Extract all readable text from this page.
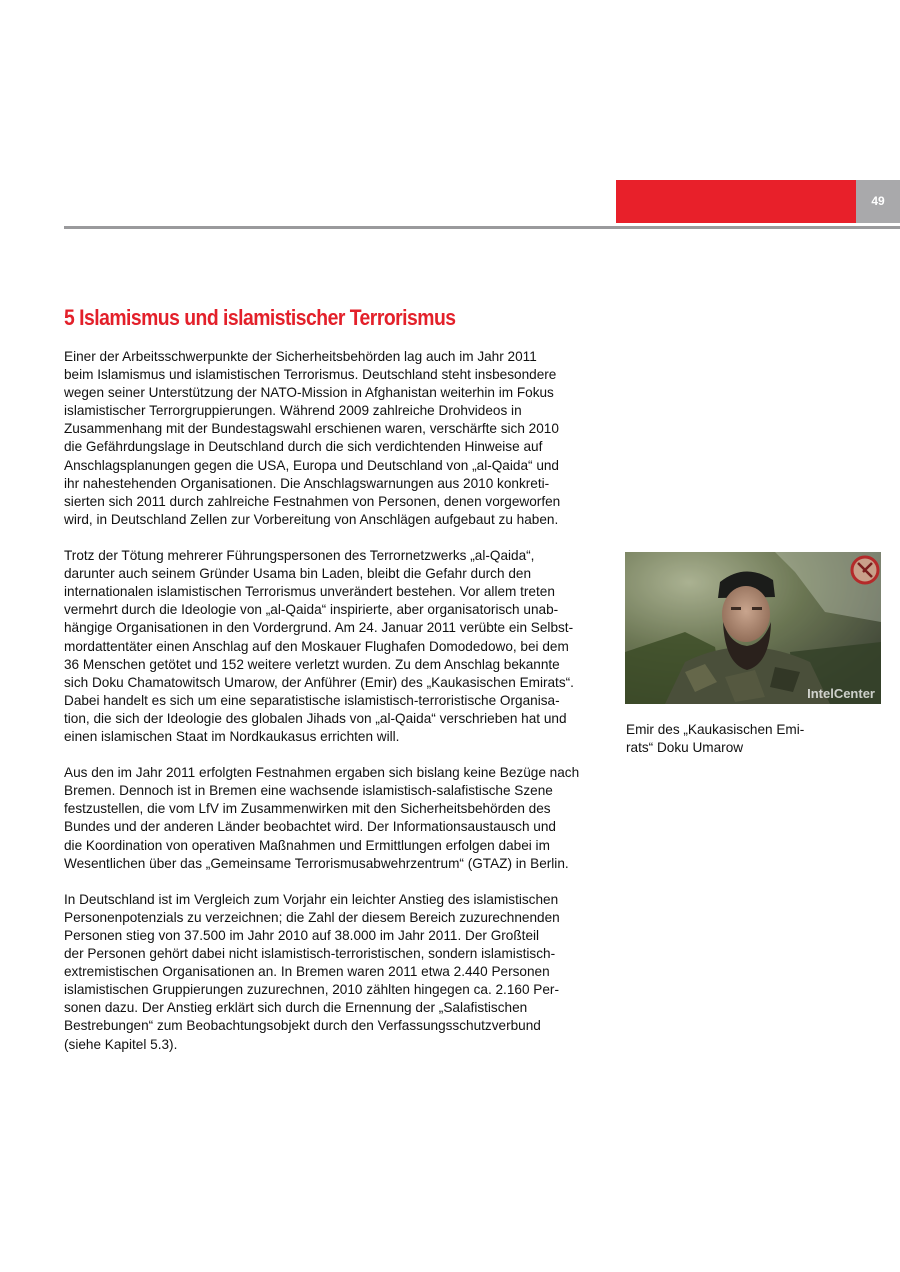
49
5 Islamismus und islamistischer Terrorismus

Einer der Arbeitsschwerpunkte der Sicherheitsbehörden lag auch im Jahr 2011
beim Islamismus und islamistischen Terrorismus. Deutschland steht insbesondere
wegen seiner Unterstützung der NATO-Mission in Afghanistan weiterhin im Fokus
islamistischer Terrorgruppierungen. Während 2009 zahlreiche Drohvideos in
Zusammenhang mit der Bundestagswahl erschienen waren, verschärfte sich 2010
die Gefährdungslage in Deutschland durch die sich verdichtenden Hinweise auf
Anschlagsplanungen gegen die USA, Europa und Deutschland von „al-Qaida“ und
ihr nahestehenden Organisationen. Die Anschlagswarnungen aus 2010 konkreti-
sierten sich 2011 durch zahlreiche Festnahmen von Personen, denen vorgeworfen
wird, in Deutschland Zellen zur Vorbereitung von Anschlägen aufgebaut zu haben.

Trotz der Tötung mehrerer Führungspersonen des Terrornetzwerks „al-Qaida“,
darunter auch seinem Gründer Usama bin Laden, bleibt die Gefahr durch den
internationalen islamistischen Terrorismus unverändert bestehen. Vor allem treten
vermehrt durch die Ideologie von „al-Qaida“ inspirierte, aber organisatorisch unab-
hängige Organisationen in den Vordergrund. Am 24. Januar 2011 verübte ein Selbst-
mordattentäter einen Anschlag auf den Moskauer Flughafen Domodedowo, bei dem
36 Menschen getötet und 152 weitere verletzt wurden. Zu dem Anschlag bekannte
sich Doku Chamatowitsch Umarow, der Anführer (Emir) des „Kaukasischen Emirats“.
Dabei handelt es sich um eine separatistische islamistisch-terroristische Organisa-
tion, die sich der Ideologie des globalen Jihads von „al-Qaida“ verschrieben hat und
einen islamischen Staat im Nordkaukasus errichten will.

Aus den im Jahr 2011 erfolgten Festnahmen ergaben sich bislang keine Bezüge nach
Bremen. Dennoch ist in Bremen eine wachsende islamistisch-salafistische Szene
festzustellen, die vom LfV im Zusammenwirken mit den Sicherheitsbehörden des
Bundes und der anderen Länder beobachtet wird. Der Informationsaustausch und
die Koordination von operativen Maßnahmen und Ermittlungen erfolgen dabei im
Wesentlichen über das „Gemeinsame Terrorismusabwehrzentrum“ (GTAZ) in Berlin.

In Deutschland ist im Vergleich zum Vorjahr ein leichter Anstieg des islamistischen
Personenpotenzials zu verzeichnen; die Zahl der diesem Bereich zuzurechnenden
Personen stieg von 37.500 im Jahr 2010 auf 38.000 im Jahr 2011. Der Großteil
der Personen gehört dabei nicht islamistisch-terroristischen, sondern islamistisch-
extremistischen Organisationen an. In Bremen waren 2011 etwa 2.440 Personen
islamistischen Gruppierungen zuzurechnen, 2010 zählten hingegen ca. 2.160 Per-
sonen dazu. Der Anstieg erklärt sich durch die Ernennung der „Salafistischen
Bestrebungen“ zum Beobachtungsobjekt durch den Verfassungsschutzverbund
(siehe Kapitel 5.3).

IntelCenter
Emir des „Kaukasischen Emi-
rats“ Doku Umarow
